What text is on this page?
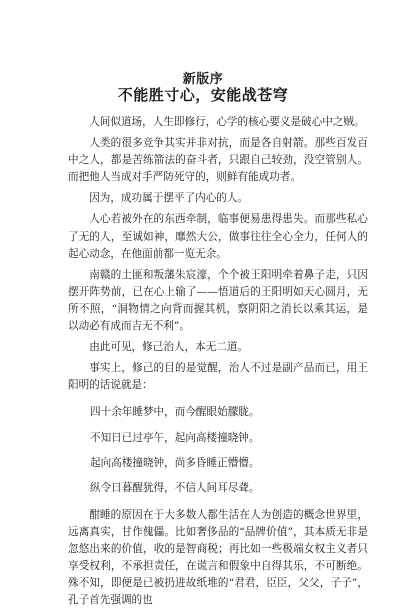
新版序
不能胜寸心，安能战苍穹

人间似道场，人生即修行，心学的核心要义是破心中之贼。

人类的很多竞争其实并非对抗，而是各自射箭。那些百发百中之人，都是苦练箭法的奋斗者，只跟自己较劲，没空管别人。而把他人当成对手严防死守的，则鲜有能成功者。

因为，成功属于摆平了内心的人。

人心若被外在的东西牵制，临事便易患得患失。而那些私心了无的人，至诚如神，靡然大公，做事往往全心全力，任何人的起心动念，在他面前都一览无余。

南赣的土匪和叛藩朱宸濠，个个被王阳明牵着鼻子走，只因摆开阵势前，已在心上输了——悟道后的王阳明如天心圆月，无所不照，“洞物情之向背而握其机，察阴阳之消长以乘其运，是以动必有成而吉无不利”。

由此可见，修己治人，本无二道。

事实上，修己的目的是觉醒，治人不过是副产品而已，用王阳明的话说就是：

四十余年睡梦中，而今醒眼始朦胧。

不知日已过亭午，起向高楼撞晓钟。

起向高楼撞晓钟，尚多昏睡正懵懵。

纵令日暮醒犹得，不信人间耳尽聋。

酣睡的原因在于大多数人都生活在人为创造的概念世界里，远离真实，甘作傀儡。比如奢侈品的“品牌价值”，其本质无非是忽悠出来的价值，收的是智商税；再比如一些极端女权主义者只享受权利，不承担责任，在谎言和假象中自得其乐，不可断绝。殊不知，即便是已被扔进故纸堆的“君君，臣臣，父父，子子”，孔子首先强调的也
